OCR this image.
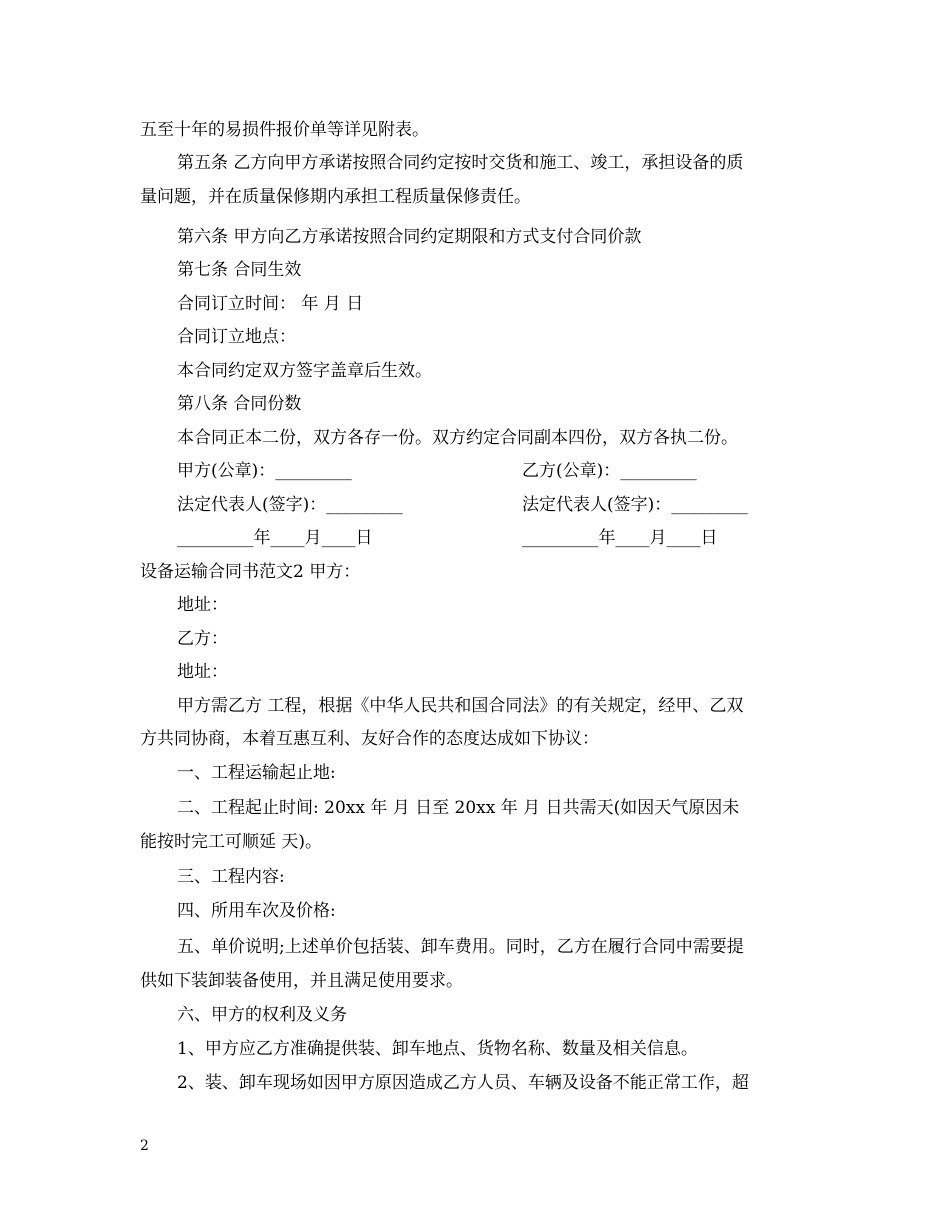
五至十年的易损件报价单等详见附表。
第五条 乙方向甲方承诺按照合同约定按时交货和施工、竣工，承担设备的质
量问题，并在质量保修期内承担工程质量保修责任。
第六条 甲方向乙方承诺按照合同约定期限和方式支付合同价款
第七条 合同生效
合同订立时间： 年 月 日
合同订立地点：
本合同约定双方签字盖章后生效。
第八条 合同份数
本合同正本二份，双方各存一份。双方约定合同副本四份，双方各执二份。
甲方(公章)：_________	乙方(公章)：_________
法定代表人(签字)：_________	法定代表人(签字)：_________
_________年____月____日	_________年____月____日
设备运输合同书范文2 甲方：
地址：
乙方：
地址：
甲方需乙方 工程，根据《中华人民共和国合同法》的有关规定，经甲、乙双
方共同协商，本着互惠互利、友好合作的态度达成如下协议：
一、工程运输起止地:
二、工程起止时间: 20xx 年 月 日至 20xx 年 月 日共需天(如因天气原因未
能按时完工可顺延 天)。
三、工程内容:
四、所用车次及价格:
五、单价说明;上述单价包括装、卸车费用。同时，乙方在履行合同中需要提
供如下装卸装备使用，并且满足使用要求。
六、甲方的权利及义务
1、甲方应乙方准确提供装、卸车地点、货物名称、数量及相关信息。
2、装、卸车现场如因甲方原因造成乙方人员、车辆及设备不能正常工作，超
2
